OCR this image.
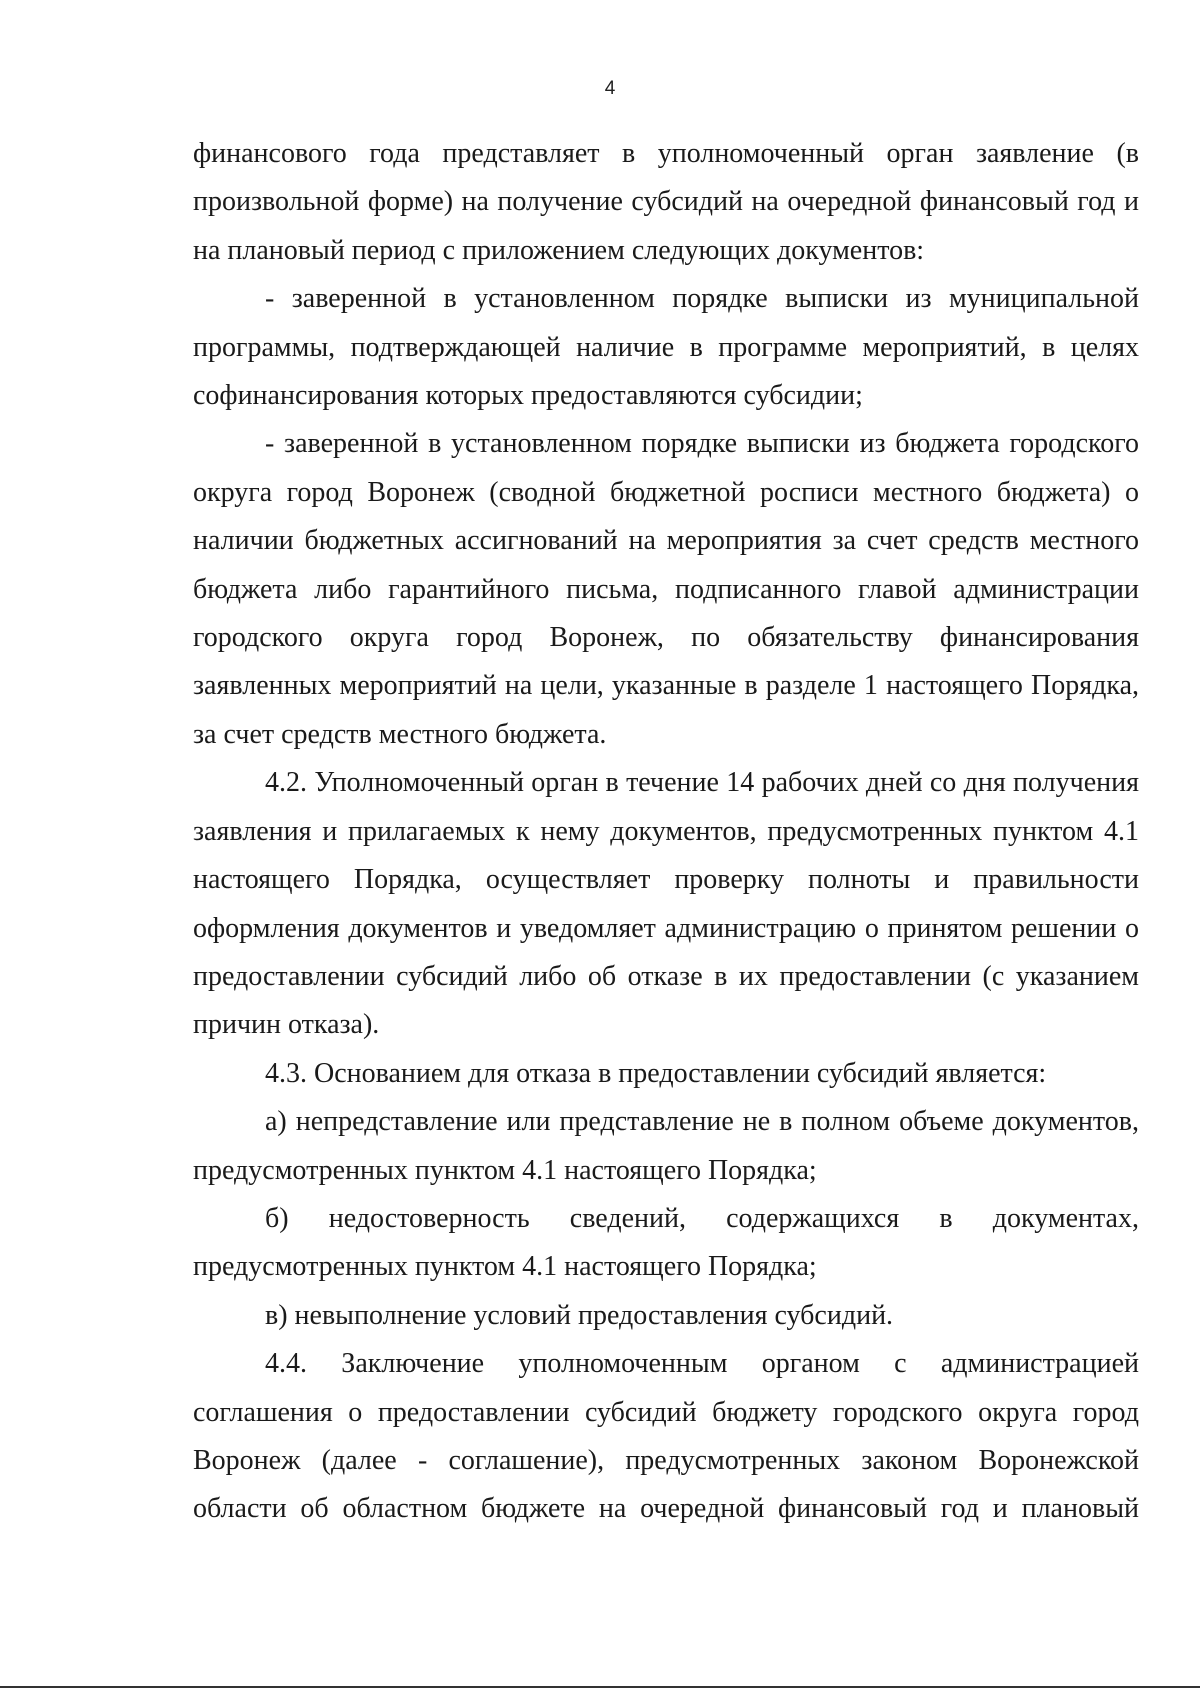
4

финансового года представляет в уполномоченный орган заявление (в произвольной форме) на получение субсидий на очередной финансовый год и на плановый период с приложением следующих документов:

- заверенной в установленном порядке выписки из муниципальной программы, подтверждающей наличие в программе мероприятий, в целях софинансирования которых предоставляются субсидии;

- заверенной в установленном порядке выписки из бюджета городского округа город Воронеж (сводной бюджетной росписи местного бюджета) о наличии бюджетных ассигнований на мероприятия за счет средств местного бюджета либо гарантийного письма, подписанного главой администрации городского округа город Воронеж, по обязательству финансирования заявленных мероприятий на цели, указанные в разделе 1 настоящего Порядка, за счет средств местного бюджета.

4.2. Уполномоченный орган в течение 14 рабочих дней со дня получения заявления и прилагаемых к нему документов, предусмотренных пунктом 4.1 настоящего Порядка, осуществляет проверку полноты и правильности оформления документов и уведомляет администрацию о принятом решении о предоставлении субсидий либо об отказе в их предоставлении (с указанием причин отказа).

4.3. Основанием для отказа в предоставлении субсидий является:

а) непредставление или представление не в полном объеме документов, предусмотренных пунктом 4.1 настоящего Порядка;

б) недостоверность сведений, содержащихся в документах, предусмотренных пунктом 4.1 настоящего Порядка;

в) невыполнение условий предоставления субсидий.

4.4. Заключение уполномоченным органом с администрацией соглашения о предоставлении субсидий бюджету городского округа город Воронеж (далее - соглашение), предусмотренных законом Воронежской области об областном бюджете на очередной финансовый год и плановый
